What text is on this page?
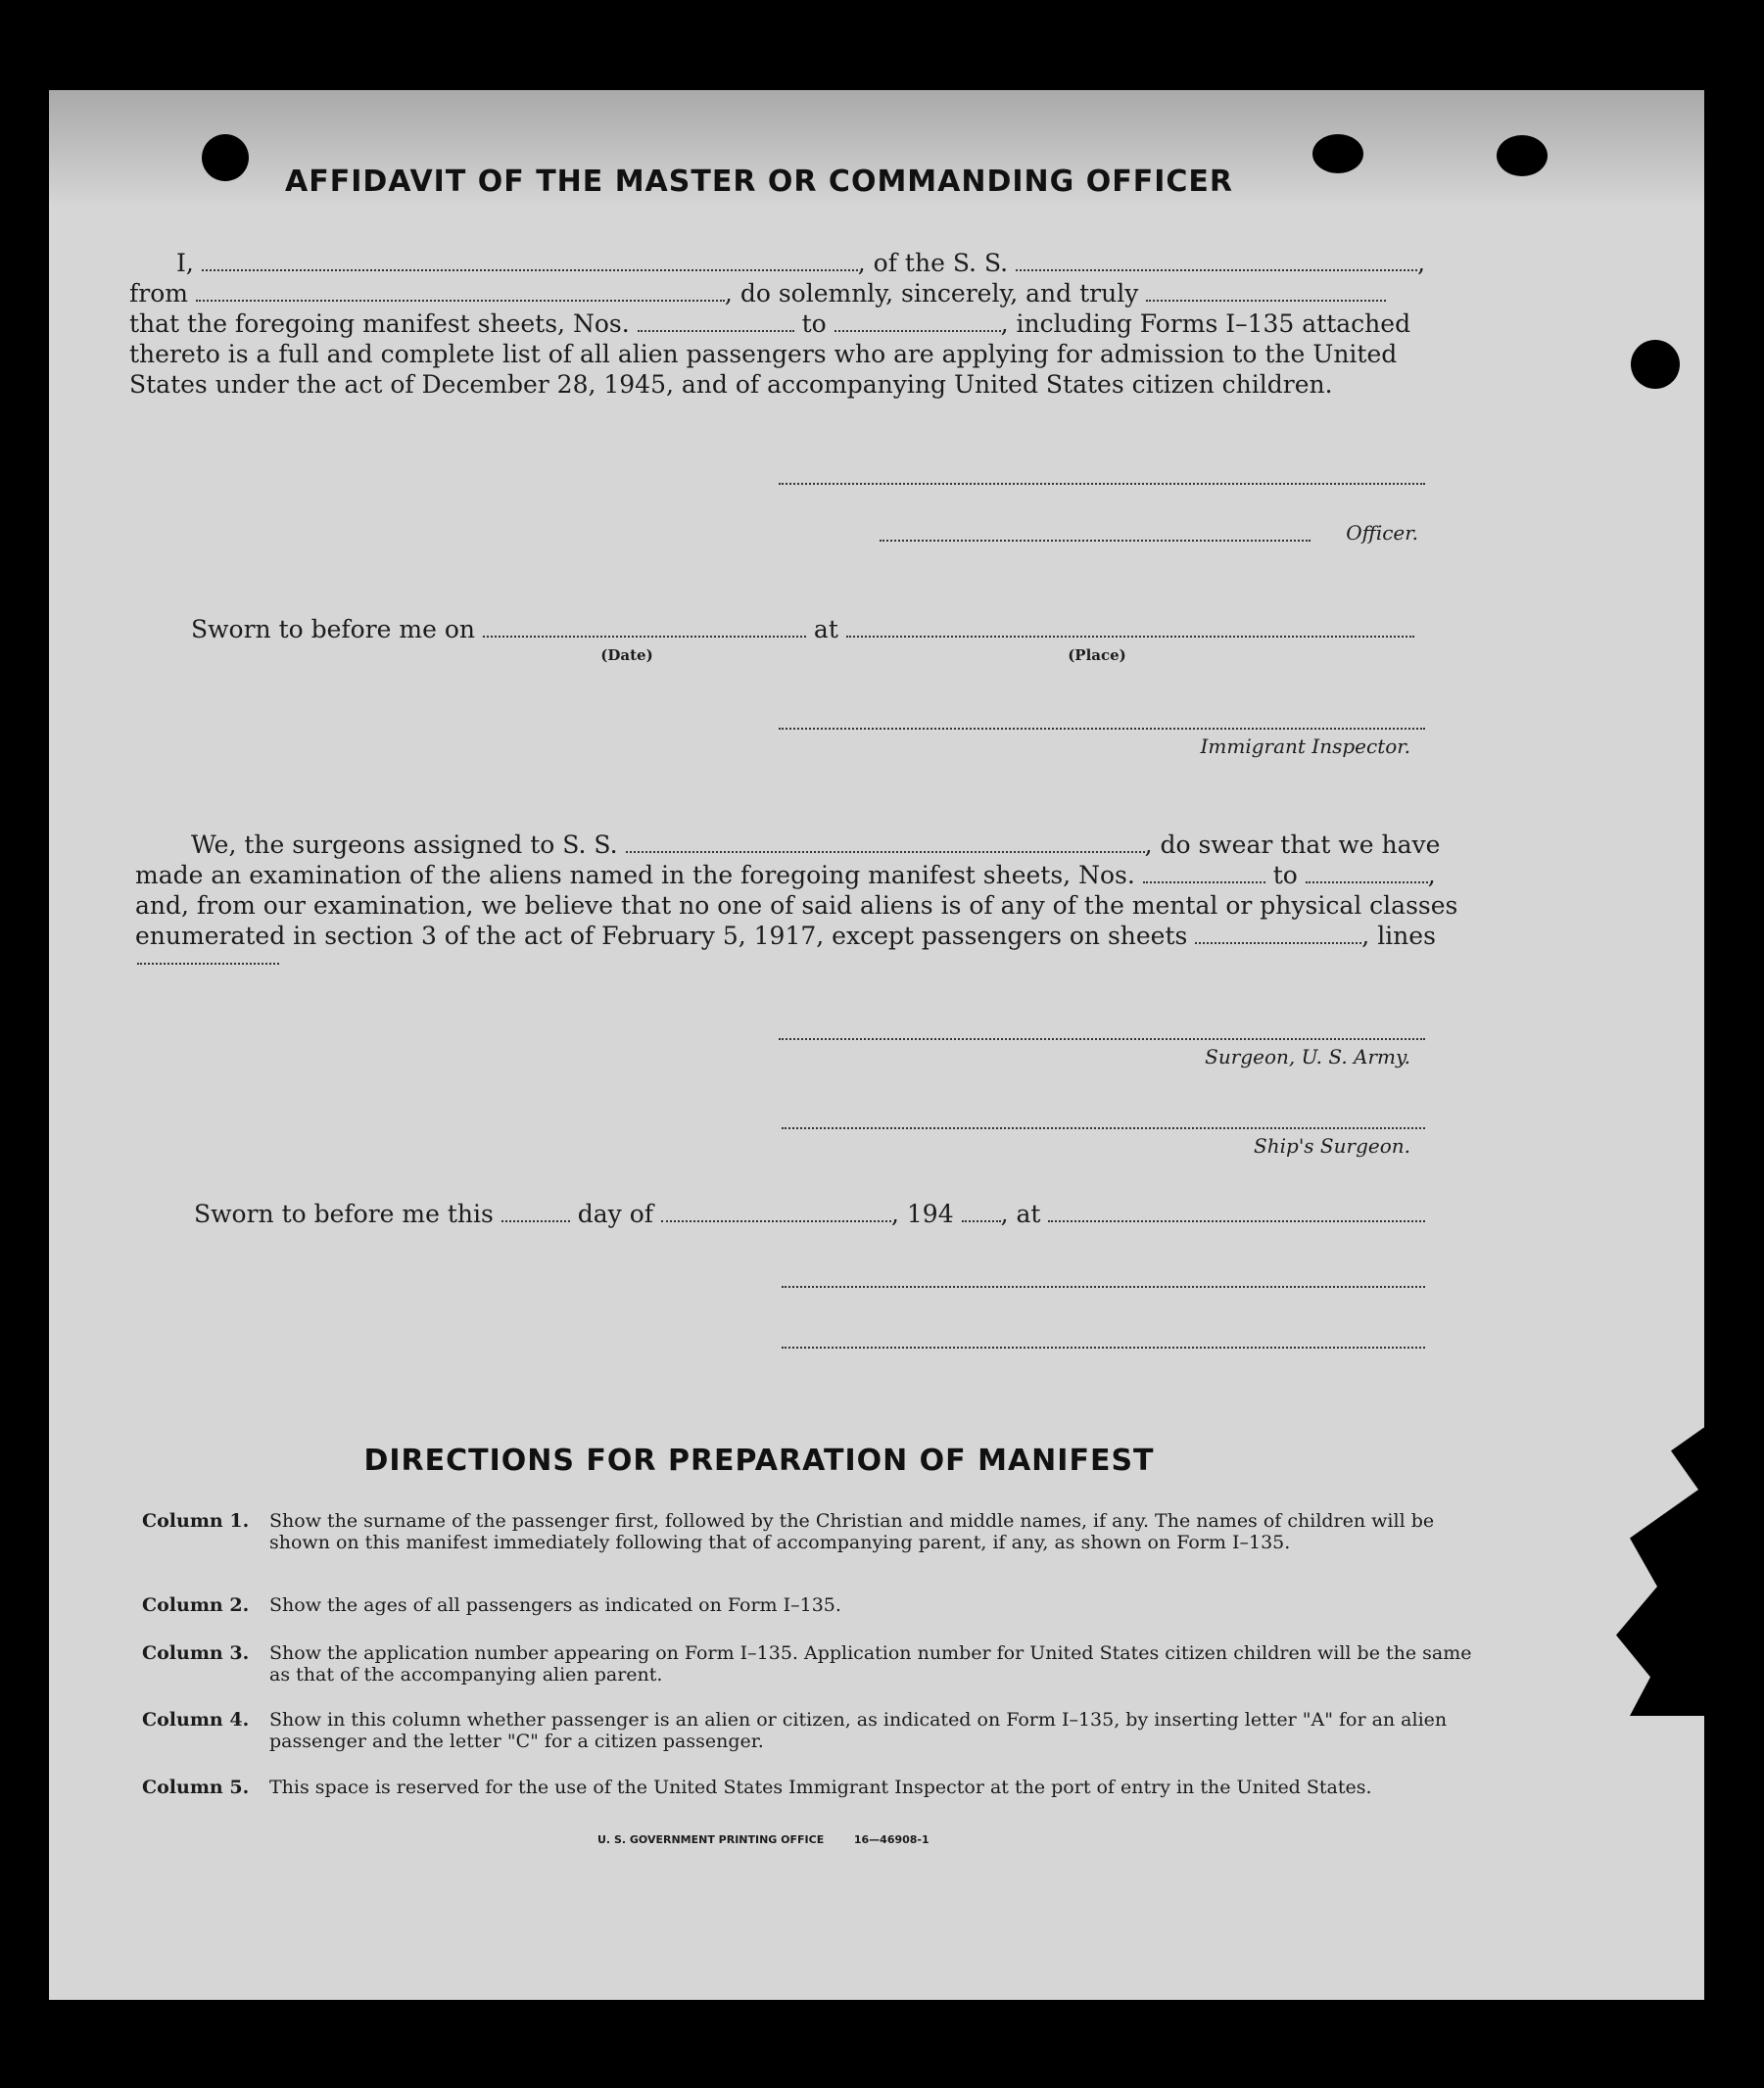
AFFIDAVIT OF THE MASTER OR COMMANDING OFFICER
I,	, of the S. S.	,
from	, do solemnly, sincerely, and truly
that the foregoing manifest sheets, Nos.	to	, including Forms I–135 attached
thereto is a full and complete list of all alien passengers who are applying for admission to the United
States under the act of December 28, 1945, and of accompanying United States citizen children.
Officer.
Sworn to before me on	at
(Date)	(Place)
Immigrant Inspector.
We, the surgeons assigned to S. S.	, do swear that we have
made an examination of the aliens named in the foregoing manifest sheets, Nos.	to	,
and, from our examination, we believe that no one of said aliens is of any of the mental or physical classes
enumerated in section 3 of the act of February 5, 1917, except passengers on sheets	, lines
Surgeon, U. S. Army.
Ship's Surgeon.
Sworn to before me this	day of	, 194 , at
DIRECTIONS FOR PREPARATION OF MANIFEST
Column 1.	Show the surname of the passenger first, followed by the Christian and middle names, if any. The names of children will be shown on this manifest immediately following that of accompanying parent, if any, as shown on Form I–135.
Column 2.	Show the ages of all passengers as indicated on Form I–135.
Column 3.	Show the application number appearing on Form I–135. Application number for United States citizen children will be the same as that of the accompanying alien parent.
Column 4.	Show in this column whether passenger is an alien or citizen, as indicated on Form I–135, by inserting letter "A" for an alien passenger and the letter "C" for a citizen passenger.
Column 5.	This space is reserved for the use of the United States Immigrant Inspector at the port of entry in the United States.
U. S. GOVERNMENT PRINTING OFFICE	16—46908-1
